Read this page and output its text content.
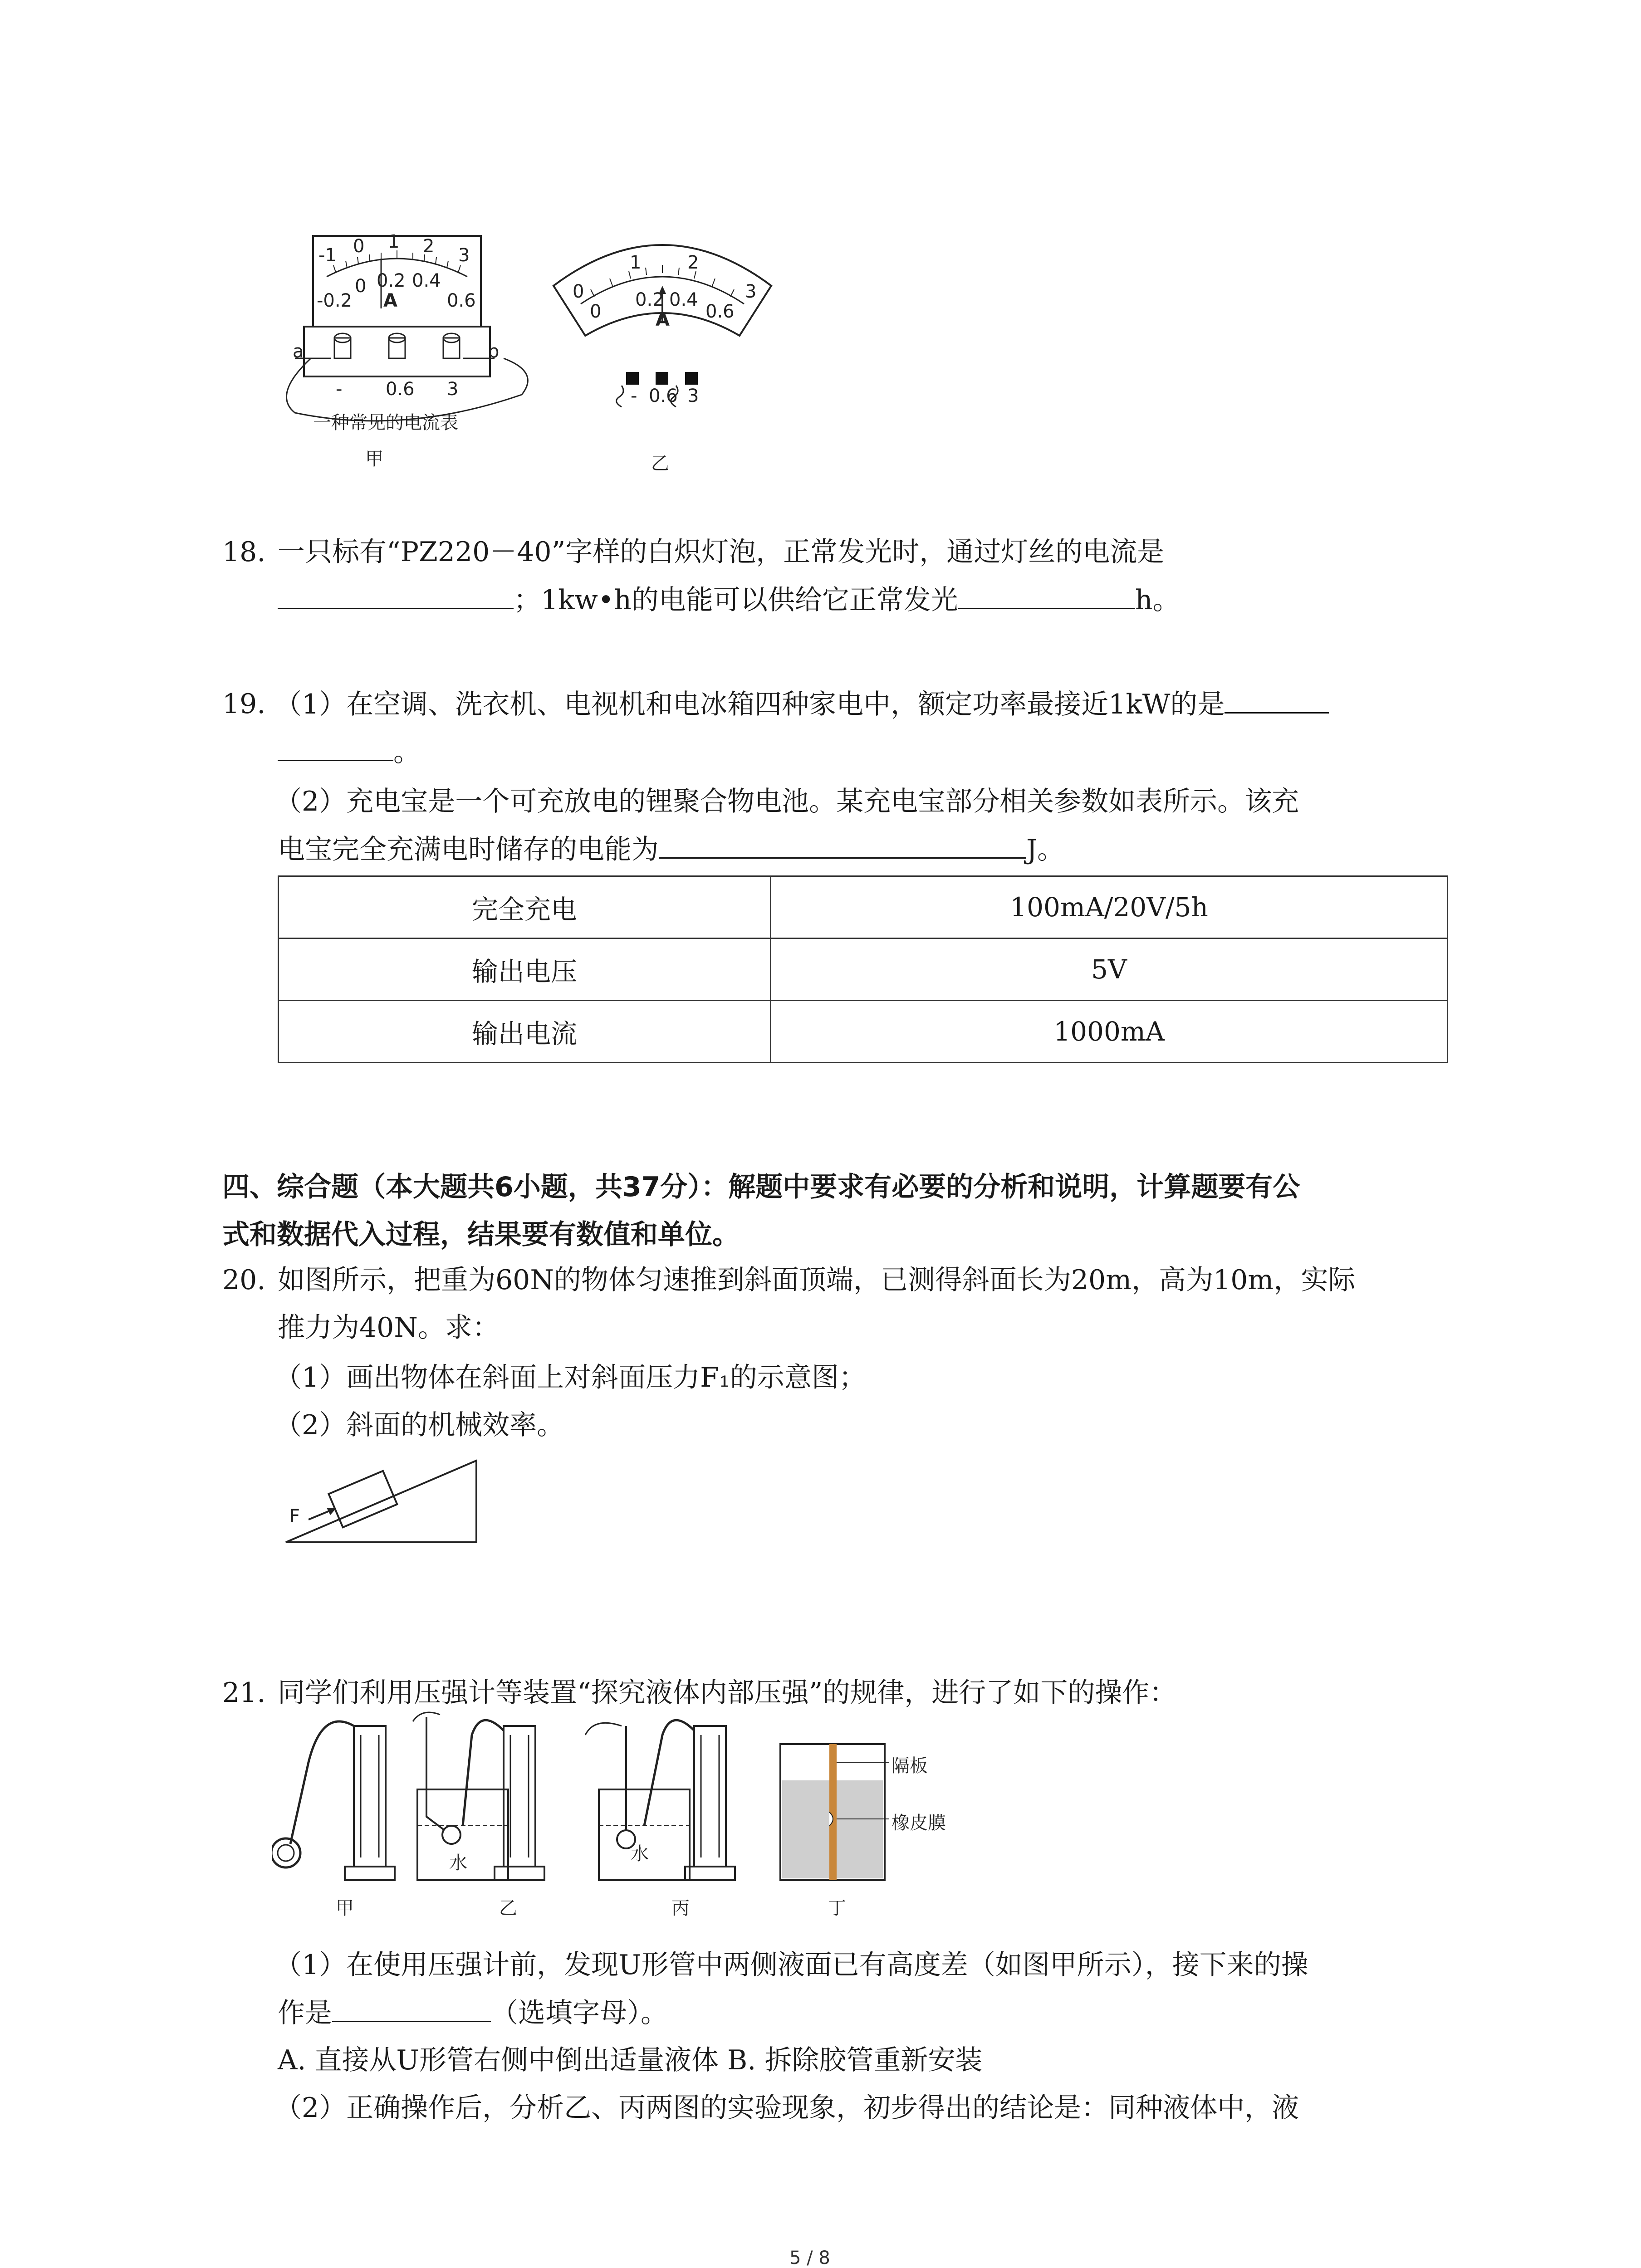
-1 0 1 2 3
-0.2
0 0.2 0.4
0.6
A
a	b
- 0.6 3
一种常见的电流表
甲
0
1	2
3
0
0.2 0.4
0.6
A
- 0.6 3
乙
18. 一只标有“PZ220－40”字样的白炽灯泡，正常发光时，通过灯丝的电流是
；1kw•h的电能可以供给它正常发光	h。
19. （1）在空调、洗衣机、电视机和电冰箱四种家电中，额定功率最接近1kW的是
。
（2）充电宝是一个可充放电的锂聚合物电池。某充电宝部分相关参数如表所示。该充
电宝完全充满电时储存的电能为	J。
完全充电	100mA/20V/5h
输出电压	5V
输出电流	1000mA
四、综合题（本大题共6小题，共37分）：解题中要求有必要的分析和说明，计算题要有公
式和数据代入过程，结果要有数值和单位。
20. 如图所示，把重为60N的物体匀速推到斜面顶端，已测得斜面长为20m，高为10m，实际
推力为40N。求：
（1）画出物体在斜面上对斜面压力F₁的示意图；
（2）斜面的机械效率。
F
21. 同学们利用压强计等装置“探究液体内部压强”的规律，进行了如下的操作：
水	水
隔板
橡皮膜
甲	乙	丙	丁
（1）在使用压强计前，发现U形管中两侧液面已有高度差（如图甲所示），接下来的操
作是	（选填字母）。
A. 直接从U形管右侧中倒出适量液体 B. 拆除胶管重新安装
（2）正确操作后，分析乙、丙两图的实验现象，初步得出的结论是：同种液体中，液
5 / 8
